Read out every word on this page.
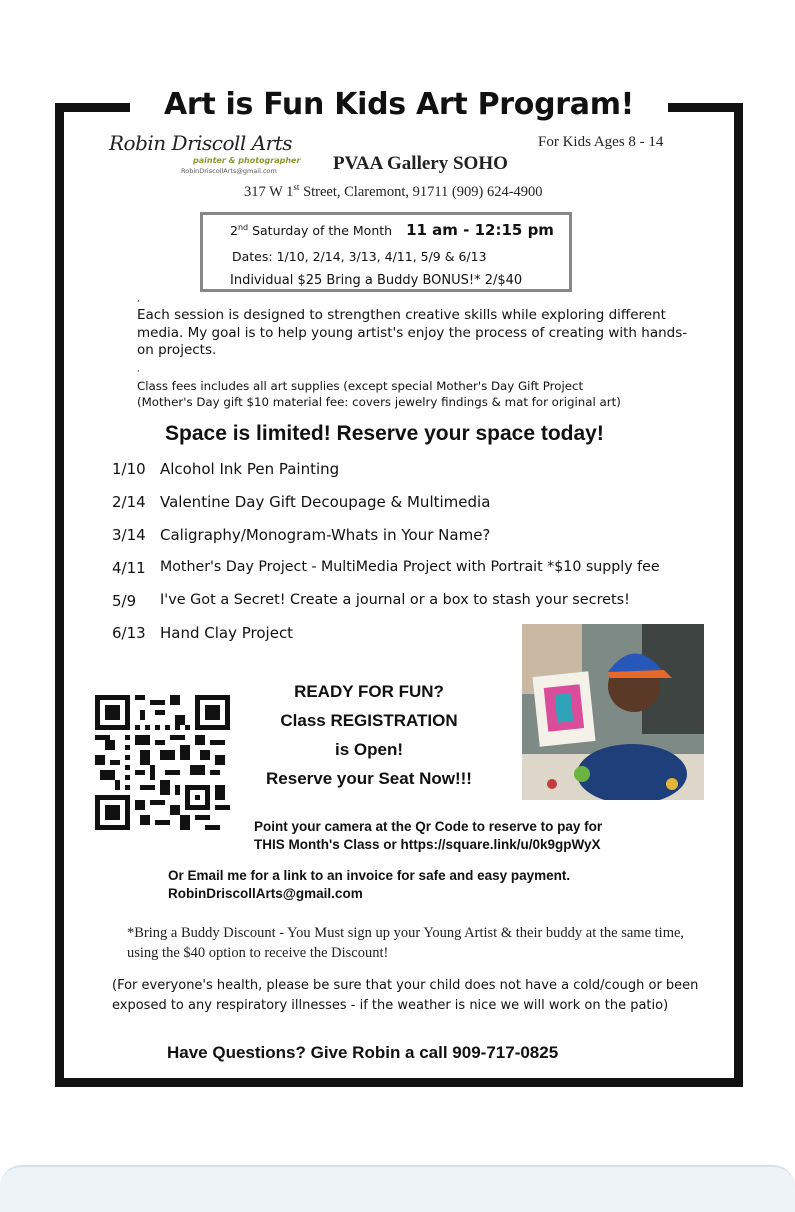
Art is Fun Kids Art Program!
Robin Driscoll Arts
painter & photographer
RobinDriscollArts@gmail.com
For Kids Ages 8 - 14
PVAA Gallery SOHO
317 W 1st Street, Claremont, 91711 (909) 624-4900
2nd Saturday of the Month 11 am - 12:15 pm
Dates: 1/10, 2/14, 3/13, 4/11, 5/9 & 6/13
Individual $25 Bring a Buddy BONUS!* 2/$40
,
Each session is designed to strengthen creative skills while exploring different media. My goal is to help young artist's enjoy the process of creating with hands-on projects.
,
Class fees includes all art supplies (except special Mother's Day Gift Project
(Mother's Day gift $10 material fee: covers jewelry findings & mat for original art)
Space is limited! Reserve your space today!
1/10 Alcohol Ink Pen Painting
2/14 Valentine Day Gift Decoupage & Multimedia
3/14 Caligraphy/Monogram-Whats in Your Name?
4/11 Mother's Day Project - MultiMedia Project with Portrait *$10 supply fee
5/9 I've Got a Secret! Create a journal or a box to stash your secrets!
6/13 Hand Clay Project
READY FOR FUN?
Class REGISTRATION
is Open!
Reserve your Seat Now!!!
Point your camera at the Qr Code to reserve to pay for
THIS Month's Class or https://square.link/u/0k9gpWyX
Or Email me for a link to an invoice for safe and easy payment.
RobinDriscollArts@gmail.com
*Bring a Buddy Discount - You Must sign up your Young Artist & their buddy at the same time, using the $40 option to receive the Discount!
(For everyone's health, please be sure that your child does not have a cold/cough or been exposed to any respiratory illnesses - if the weather is nice we will work on the patio)
Have Questions? Give Robin a call 909-717-0825
